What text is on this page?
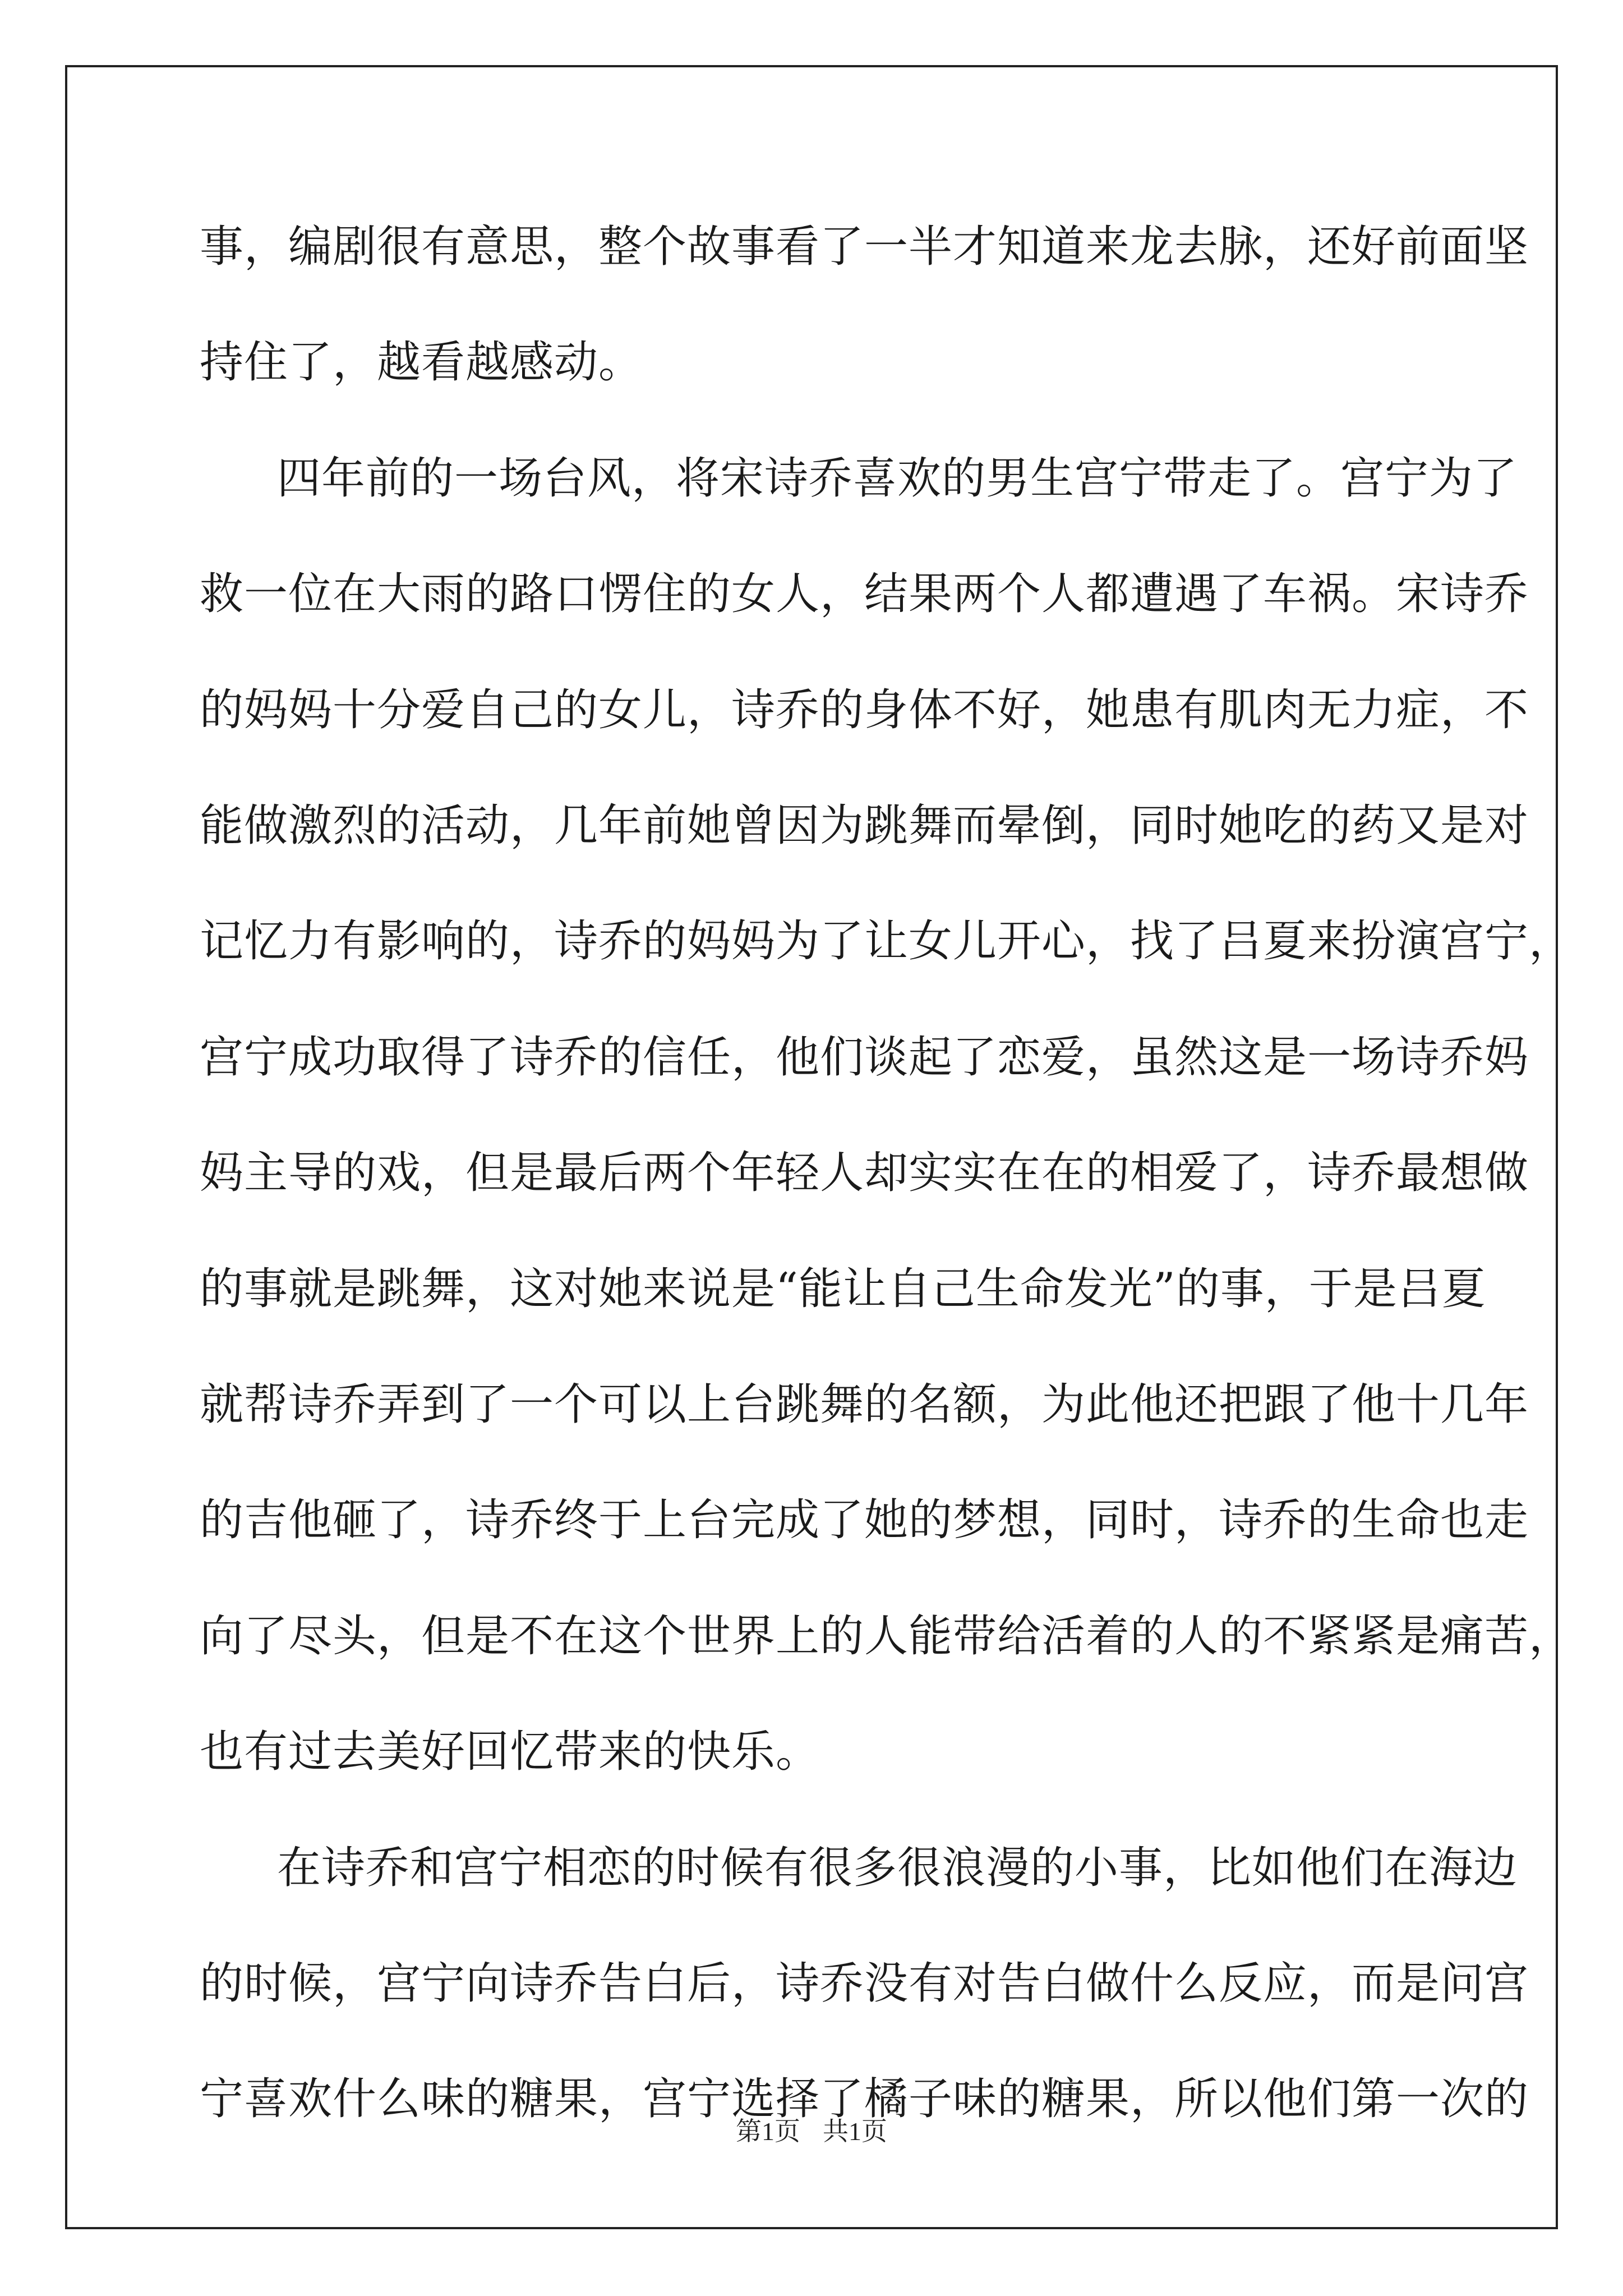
事，编剧很有意思，整个故事看了一半才知道来龙去脉，还好前面坚
持住了，越看越感动。
四年前的一场台风，将宋诗乔喜欢的男生宫宁带走了。宫宁为了
救一位在大雨的路口愣住的女人，结果两个人都遭遇了车祸。宋诗乔
的妈妈十分爱自己的女儿，诗乔的身体不好，她患有肌肉无力症，不
能做激烈的活动，几年前她曾因为跳舞而晕倒，同时她吃的药又是对
记忆力有影响的，诗乔的妈妈为了让女儿开心，找了吕夏来扮演宫宁，
宫宁成功取得了诗乔的信任，他们谈起了恋爱，虽然这是一场诗乔妈
妈主导的戏，但是最后两个年轻人却实实在在的相爱了，诗乔最想做
的事就是跳舞，这对她来说是“能让自己生命发光”的事，于是吕夏
就帮诗乔弄到了一个可以上台跳舞的名额，为此他还把跟了他十几年
的吉他砸了，诗乔终于上台完成了她的梦想，同时，诗乔的生命也走
向了尽头，但是不在这个世界上的人能带给活着的人的不紧紧是痛苦，
也有过去美好回忆带来的快乐。
在诗乔和宫宁相恋的时候有很多很浪漫的小事，比如他们在海边
的时候，宫宁向诗乔告白后，诗乔没有对告白做什么反应，而是问宫
宁喜欢什么味的糖果，宫宁选择了橘子味的糖果，所以他们第一次的
第1页 共1页
